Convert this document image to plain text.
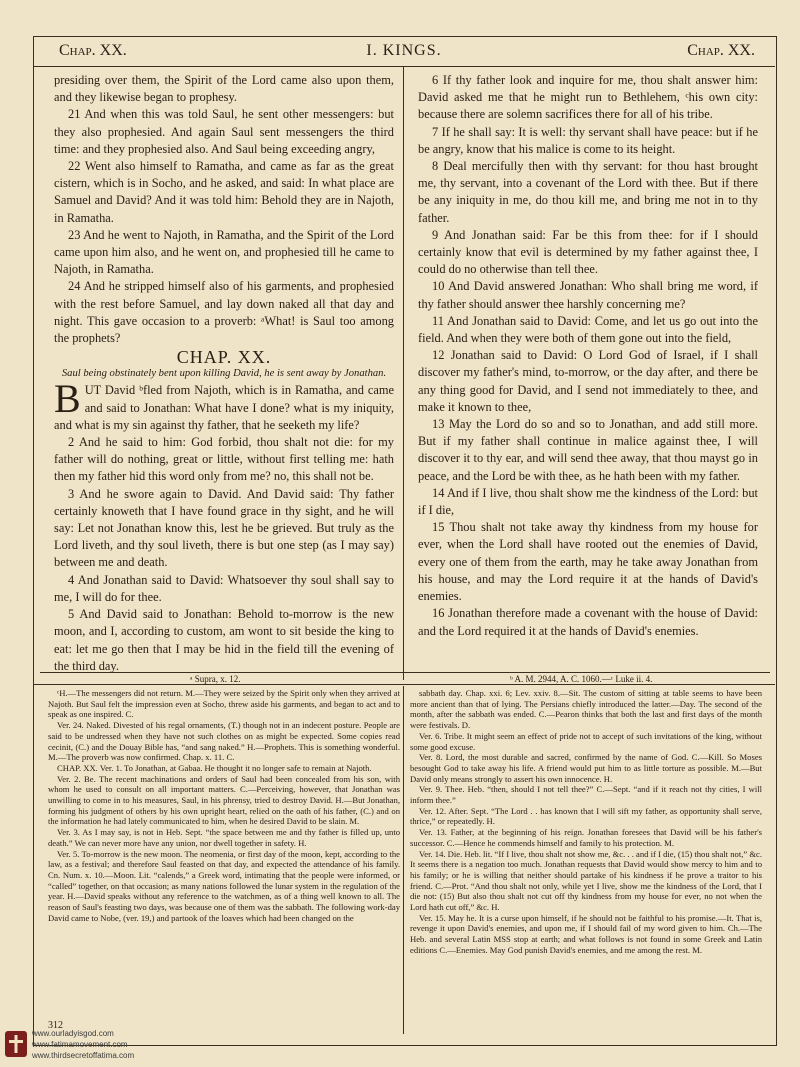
Chap. XX.	I. KINGS.	Chap. XX.

presiding over them, the Spirit of the Lord came also upon them, and they likewise began to prophesy.

21 And when this was told Saul, he sent other messengers: but they also prophesied. And again Saul sent messengers the third time: and they prophesied also. And Saul being exceeding angry,

22 Went also himself to Ramatha, and came as far as the great cistern, which is in Socho, and he asked, and said: In what place are Samuel and David? And it was told him: Behold they are in Najoth, in Ramatha.

23 And he went to Najoth, in Ramatha, and the Spirit of the Lord came upon him also, and he went on, and prophesied till he came to Najoth, in Ramatha.

24 And he stripped himself also of his garments, and prophesied with the rest before Samuel, and lay down naked all that day and night. This gave occasion to a proverb: ᵃWhat! is Saul too among the prophets?

CHAP. XX.
Saul being obstinately bent upon killing David, he is sent away by Jonathan.

BUT David ᵇfled from Najoth, which is in Ramatha, and came and said to Jonathan: What have I done? what is my iniquity, and what is my sin against thy father, that he seeketh my life?

2 And he said to him: God forbid, thou shalt not die: for my father will do nothing, great or little, without first telling me: hath then my father hid this word only from me? no, this shall not be.

3 And he swore again to David. And David said: Thy father certainly knoweth that I have found grace in thy sight, and he will say: Let not Jonathan know this, lest he be grieved. But truly as the Lord liveth, and thy soul liveth, there is but one step (as I may say) between me and death.

4 And Jonathan said to David: Whatsoever thy soul shall say to me, I will do for thee.

5 And David said to Jonathan: Behold to-morrow is the new moon, and I, according to custom, am wont to sit beside the king to eat: let me go then that I may be hid in the field till the evening of the third day.

6 If thy father look and inquire for me, thou shalt answer him: David asked me that he might run to Bethlehem, ᶜhis own city: because there are solemn sacrifices there for all of his tribe.

7 If he shall say: It is well: thy servant shall have peace: but if he be angry, know that his malice is come to its height.

8 Deal mercifully then with thy servant: for thou hast brought me, thy servant, into a covenant of the Lord with thee. But if there be any iniquity in me, do thou kill me, and bring me not in to thy father.

9 And Jonathan said: Far be this from thee: for if I should certainly know that evil is determined by my father against thee, I could do no otherwise than tell thee.

10 And David answered Jonathan: Who shall bring me word, if thy father should answer thee harshly concerning me?

11 And Jonathan said to David: Come, and let us go out into the field. And when they were both of them gone out into the field,

12 Jonathan said to David: O Lord God of Israel, if I shall discover my father's mind, to-morrow, or the day after, and there be any thing good for David, and I send not immediately to thee, and make it known to thee,

13 May the Lord do so and so to Jonathan, and add still more. But if my father shall continue in malice against thee, I will discover it to thy ear, and will send thee away, that thou mayst go in peace, and the Lord be with thee, as he hath been with my father.

14 And if I live, thou shalt show me the kindness of the Lord: but if I die,

15 Thou shalt not take away thy kindness from my house for ever, when the Lord shall have rooted out the enemies of David, every one of them from the earth, may he take away Jonathan from his house, and may the Lord require it at the hands of David's enemies.

16 Jonathan therefore made a covenant with the house of David: and the Lord required it at the hands of David's enemies.

ᵃ Supra, x. 12.	ᵇ A. M. 2944, A. C. 1060.—ᶜ Luke ii. 4.

ᶜH.—The messengers did not return. M.—They were seized by the Spirit only when they arrived at Najoth. But Saul felt the impression even at Socho, threw aside his garments, and began to act and to speak as one inspired. C.

Ver. 24. Naked. Divested of his regal ornaments, (T.) though not in an indecent posture. People are said to be undressed when they have not such clothes on as might be expected. Some copies read cecinit, (C.) and the Douay Bible has, “and sang naked.” H.—Prophets. This is something wonderful. M.—The proverb was now confirmed. Chap. x. 11. C.

CHAP. XX. Ver. 1. To Jonathan, at Gabaa. He thought it no longer safe to remain at Najoth.

Ver. 2. Be. The recent machinations and orders of Saul had been concealed from his son, with whom he used to consult on all important matters. C.—Perceiving, however, that Jonathan was unwilling to come in to his measures, Saul, in his phrensy, tried to destroy David. H.—But Jonathan, forming his judgment of others by his own upright heart, relied on the oath of his father, (C.) and on the information he had lately communicated to him, when he desired David to be slain. M.

Ver. 3. As I may say, is not in Heb. Sept. “the space between me and thy father is filled up, unto death.” We can never more have any union, nor dwell together in safety. H.

Ver. 5. To-morrow is the new moon. The neomenia, or first day of the moon, kept, according to the law, as a festival; and therefore Saul feasted on that day, and expected the attendance of his family. Cn. Num. x. 10.—Moon. Lit. “calends,” a Greek word, intimating that the people were informed, or “called” together, on that occasion; as many nations followed the lunar system in the regulation of the year. H.—David speaks without any reference to the watchmen, as of a thing well known to all. The reason of Saul's feasting two days, was because one of them was the sabbath. The following work-day David came to Nobe, (ver. 19,) and partook of the loaves which had been changed on the

sabbath day. Chap. xxi. 6; Lev. xxiv. 8.—Sit. The custom of sitting at table seems to have been more ancient than that of lying. The Persians chiefly introduced the latter.—Day. The second of the month, after the sabbath was ended. C.—Pearon thinks that both the last and first days of the month were festivals. D.

Ver. 6. Tribe. It might seem an effect of pride not to accept of such invitations of the king, without some good excuse.

Ver. 8. Lord, the most durable and sacred, confirmed by the name of God. C.—Kill. So Moses besought God to take away his life. A friend would put him to as little torture as possible. M.—But David only means strongly to assert his own innocence. H.

Ver. 9. Thee. Heb. “then, should I not tell thee?” C.—Sept. “and if it reach not thy cities, I will inform thee.”

Ver. 12. After. Sept. “The Lord . . has known that I will sift my father, as opportunity shall serve, thrice,” or repeatedly. H.

Ver. 13. Father, at the beginning of his reign. Jonathan foresees that David will be his father's successor. C.—Hence he commends himself and family to his protection. M.

Ver. 14. Die. Heb. lit. “If I live, thou shalt not show me, &c. . . and if I die, (15) thou shalt not,” &c. It seems there is a negation too much. Jonathan requests that David would show mercy to him and to his family; or he is willing that neither should partake of his kindness if he prove a traitor to his friend. C.—Prot. “And thou shalt not only, while yet I live, show me the kindness of the Lord, that I die not: (15) But also thou shalt not cut off thy kindness from my house for ever, no not when the Lord hath cut off,” &c. H.

Ver. 15. May he. It is a curse upon himself, if he should not be faithful to his promise.—It. That is, revenge it upon David's enemies, and upon me, if I should fail of my word given to him. Ch.—The Heb. and several Latin MSS stop at earth; and what follows is not found in some Greek and Latin editions C.—Enemies. May God punish David's enemies, and me among the rest. M.

312
www.ourladyisgod.com
www.fatimamovement.com
www.thirdsecretoffatima.com
